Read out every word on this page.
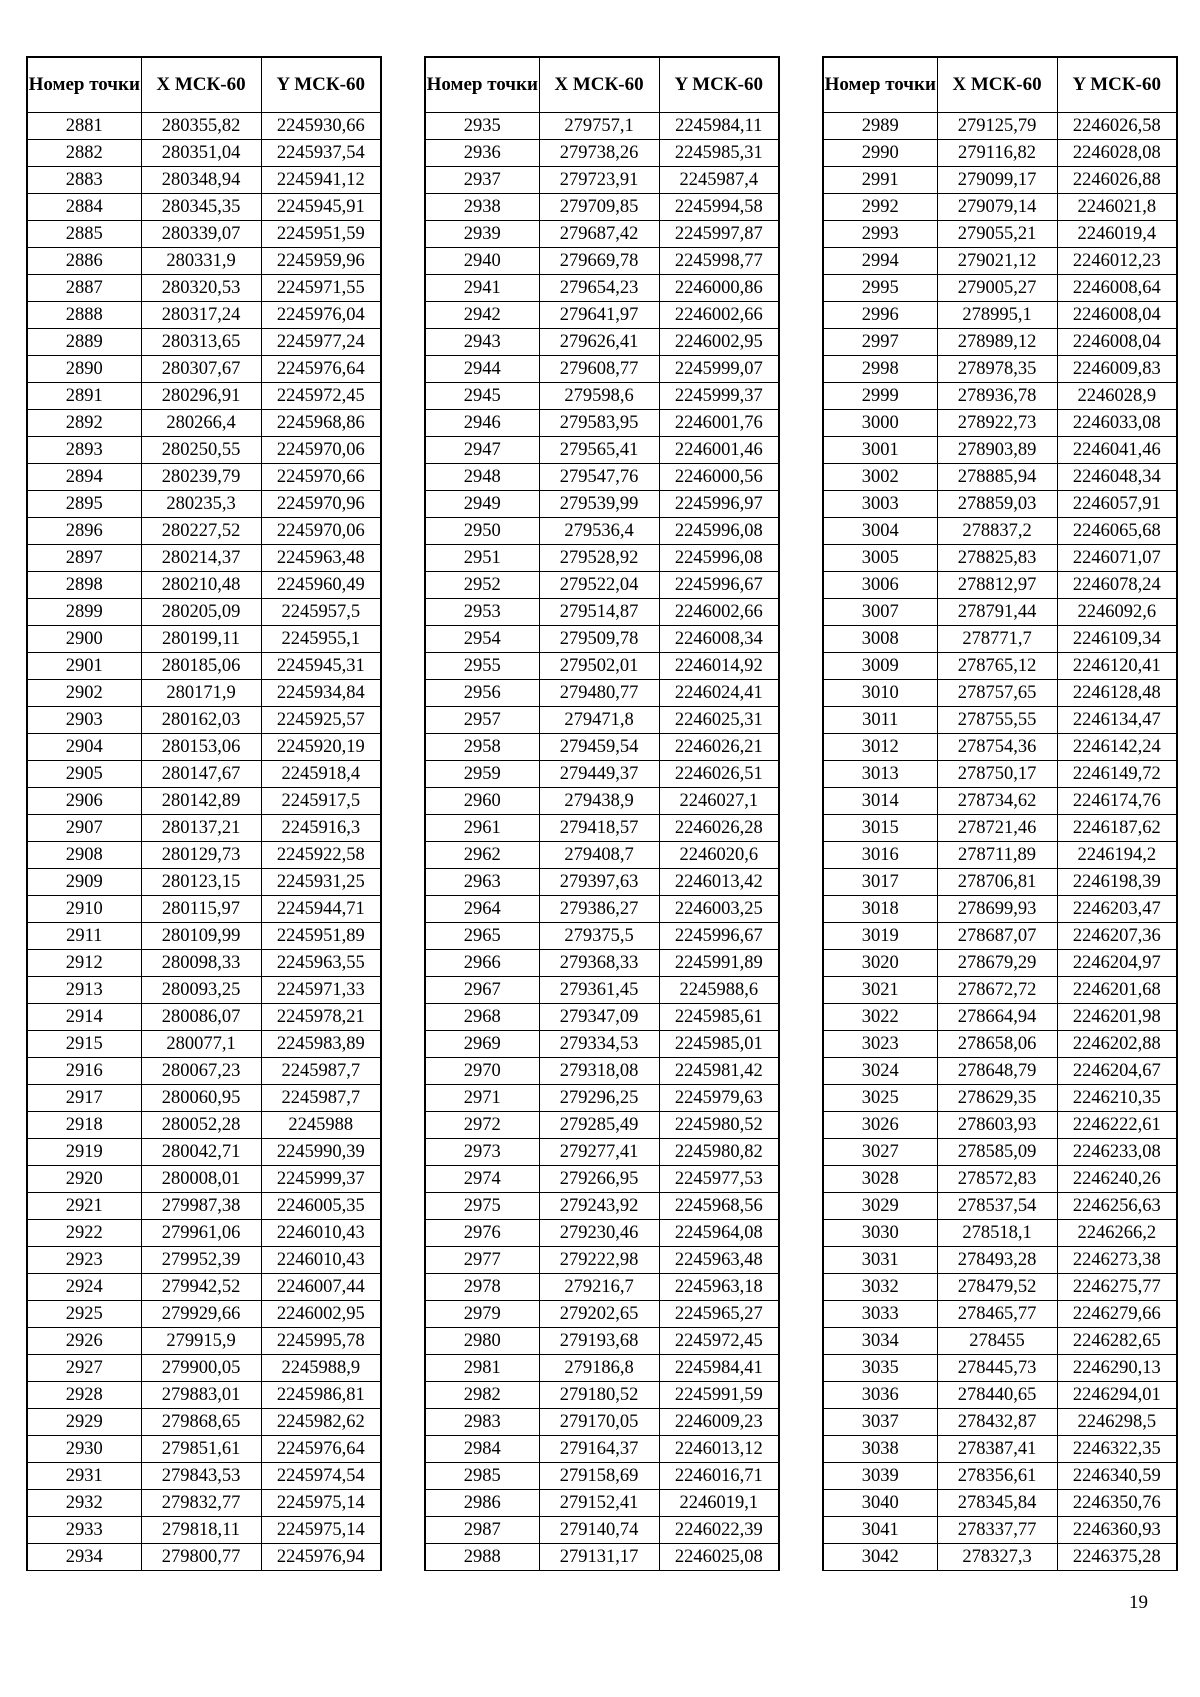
Номер точки	X МСК-60	Y МСК-60
2881	280355,82	2245930,66
2882	280351,04	2245937,54
2883	280348,94	2245941,12
2884	280345,35	2245945,91
2885	280339,07	2245951,59
2886	280331,9	2245959,96
2887	280320,53	2245971,55
2888	280317,24	2245976,04
2889	280313,65	2245977,24
2890	280307,67	2245976,64
2891	280296,91	2245972,45
2892	280266,4	2245968,86
2893	280250,55	2245970,06
2894	280239,79	2245970,66
2895	280235,3	2245970,96
2896	280227,52	2245970,06
2897	280214,37	2245963,48
2898	280210,48	2245960,49
2899	280205,09	2245957,5
2900	280199,11	2245955,1
2901	280185,06	2245945,31
2902	280171,9	2245934,84
2903	280162,03	2245925,57
2904	280153,06	2245920,19
2905	280147,67	2245918,4
2906	280142,89	2245917,5
2907	280137,21	2245916,3
2908	280129,73	2245922,58
2909	280123,15	2245931,25
2910	280115,97	2245944,71
2911	280109,99	2245951,89
2912	280098,33	2245963,55
2913	280093,25	2245971,33
2914	280086,07	2245978,21
2915	280077,1	2245983,89
2916	280067,23	2245987,7
2917	280060,95	2245987,7
2918	280052,28	2245988
2919	280042,71	2245990,39
2920	280008,01	2245999,37
2921	279987,38	2246005,35
2922	279961,06	2246010,43
2923	279952,39	2246010,43
2924	279942,52	2246007,44
2925	279929,66	2246002,95
2926	279915,9	2245995,78
2927	279900,05	2245988,9
2928	279883,01	2245986,81
2929	279868,65	2245982,62
2930	279851,61	2245976,64
2931	279843,53	2245974,54
2932	279832,77	2245975,14
2933	279818,11	2245975,14
2934	279800,77	2245976,94
Номер точки	X МСК-60	Y МСК-60
2935	279757,1	2245984,11
2936	279738,26	2245985,31
2937	279723,91	2245987,4
2938	279709,85	2245994,58
2939	279687,42	2245997,87
2940	279669,78	2245998,77
2941	279654,23	2246000,86
2942	279641,97	2246002,66
2943	279626,41	2246002,95
2944	279608,77	2245999,07
2945	279598,6	2245999,37
2946	279583,95	2246001,76
2947	279565,41	2246001,46
2948	279547,76	2246000,56
2949	279539,99	2245996,97
2950	279536,4	2245996,08
2951	279528,92	2245996,08
2952	279522,04	2245996,67
2953	279514,87	2246002,66
2954	279509,78	2246008,34
2955	279502,01	2246014,92
2956	279480,77	2246024,41
2957	279471,8	2246025,31
2958	279459,54	2246026,21
2959	279449,37	2246026,51
2960	279438,9	2246027,1
2961	279418,57	2246026,28
2962	279408,7	2246020,6
2963	279397,63	2246013,42
2964	279386,27	2246003,25
2965	279375,5	2245996,67
2966	279368,33	2245991,89
2967	279361,45	2245988,6
2968	279347,09	2245985,61
2969	279334,53	2245985,01
2970	279318,08	2245981,42
2971	279296,25	2245979,63
2972	279285,49	2245980,52
2973	279277,41	2245980,82
2974	279266,95	2245977,53
2975	279243,92	2245968,56
2976	279230,46	2245964,08
2977	279222,98	2245963,48
2978	279216,7	2245963,18
2979	279202,65	2245965,27
2980	279193,68	2245972,45
2981	279186,8	2245984,41
2982	279180,52	2245991,59
2983	279170,05	2246009,23
2984	279164,37	2246013,12
2985	279158,69	2246016,71
2986	279152,41	2246019,1
2987	279140,74	2246022,39
2988	279131,17	2246025,08
Номер точки	X МСК-60	Y МСК-60
2989	279125,79	2246026,58
2990	279116,82	2246028,08
2991	279099,17	2246026,88
2992	279079,14	2246021,8
2993	279055,21	2246019,4
2994	279021,12	2246012,23
2995	279005,27	2246008,64
2996	278995,1	2246008,04
2997	278989,12	2246008,04
2998	278978,35	2246009,83
2999	278936,78	2246028,9
3000	278922,73	2246033,08
3001	278903,89	2246041,46
3002	278885,94	2246048,34
3003	278859,03	2246057,91
3004	278837,2	2246065,68
3005	278825,83	2246071,07
3006	278812,97	2246078,24
3007	278791,44	2246092,6
3008	278771,7	2246109,34
3009	278765,12	2246120,41
3010	278757,65	2246128,48
3011	278755,55	2246134,47
3012	278754,36	2246142,24
3013	278750,17	2246149,72
3014	278734,62	2246174,76
3015	278721,46	2246187,62
3016	278711,89	2246194,2
3017	278706,81	2246198,39
3018	278699,93	2246203,47
3019	278687,07	2246207,36
3020	278679,29	2246204,97
3021	278672,72	2246201,68
3022	278664,94	2246201,98
3023	278658,06	2246202,88
3024	278648,79	2246204,67
3025	278629,35	2246210,35
3026	278603,93	2246222,61
3027	278585,09	2246233,08
3028	278572,83	2246240,26
3029	278537,54	2246256,63
3030	278518,1	2246266,2
3031	278493,28	2246273,38
3032	278479,52	2246275,77
3033	278465,77	2246279,66
3034	278455	2246282,65
3035	278445,73	2246290,13
3036	278440,65	2246294,01
3037	278432,87	2246298,5
3038	278387,41	2246322,35
3039	278356,61	2246340,59
3040	278345,84	2246350,76
3041	278337,77	2246360,93
3042	278327,3	2246375,28
19
